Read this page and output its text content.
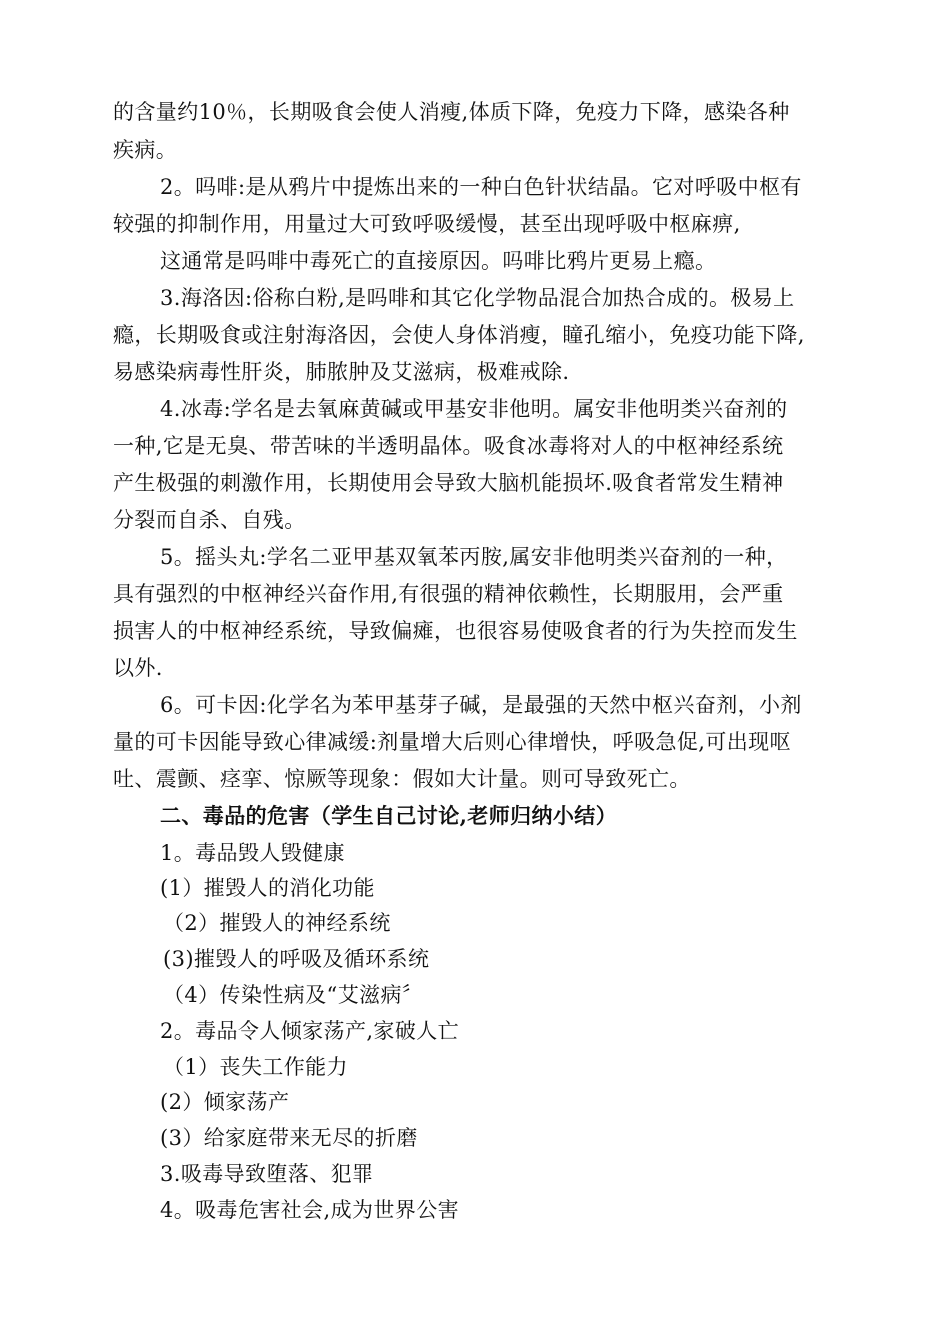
的含量约10％，长期吸食会使人消瘦,体质下降，免疫力下降，感染各种
疾病。
2。吗啡:是从鸦片中提炼出来的一种白色针状结晶。它对呼吸中枢有
较强的抑制作用，用量过大可致呼吸缓慢，甚至出现呼吸中枢麻痹,
这通常是吗啡中毒死亡的直接原因。吗啡比鸦片更易上瘾。
3.海洛因:俗称白粉,是吗啡和其它化学物品混合加热合成的。极易上
瘾，长期吸食或注射海洛因，会使人身体消瘦，瞳孔缩小，免疫功能下降,
易感染病毒性肝炎，肺脓肿及艾滋病，极难戒除.
4.冰毒:学名是去氧麻黄碱或甲基安非他明。属安非他明类兴奋剂的
一种,它是无臭、带苦味的半透明晶体。吸食冰毒将对人的中枢神经系统
产生极强的刺激作用，长期使用会导致大脑机能损坏.吸食者常发生精神
分裂而自杀、自残。
5。摇头丸:学名二亚甲基双氧苯丙胺,属安非他明类兴奋剂的一种，
具有强烈的中枢神经兴奋作用,有很强的精神依赖性，长期服用，会严重
损害人的中枢神经系统，导致偏瘫，也很容易使吸食者的行为失控而发生
以外.
6。可卡因:化学名为苯甲基芽子碱，是最强的天然中枢兴奋剂，小剂
量的可卡因能导致心律减缓:剂量增大后则心律增快，呼吸急促,可出现呕
吐、震颤、痉挛、惊厥等现象：假如大计量。则可导致死亡。
二、毒品的危害（学生自己讨论,老师归纳小结）
1。毒品毁人毁健康
(1）摧毁人的消化功能
（2）摧毁人的神经系统
(3)摧毁人的呼吸及循环系统
（4）传染性病及“艾滋病〞
2。毒品令人倾家荡产,家破人亡
（1）丧失工作能力
(2）倾家荡产
(3）给家庭带来无尽的折磨
3.吸毒导致堕落、犯罪
4。吸毒危害社会,成为世界公害
